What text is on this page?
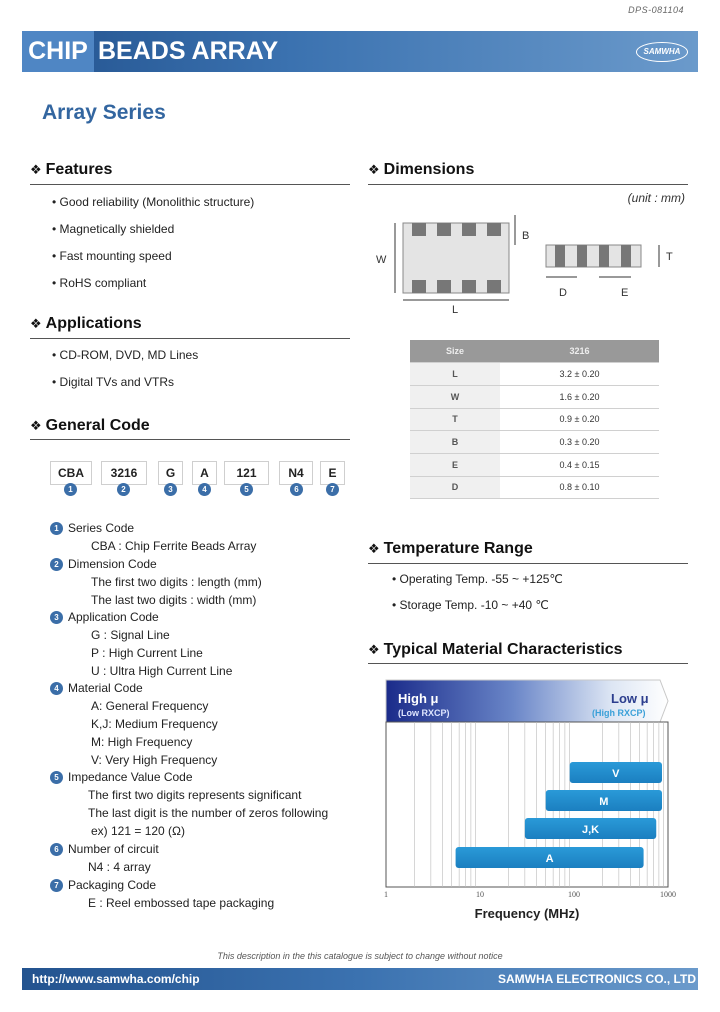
DPS-081104
CHIP BEADS ARRAY	SAMWHA
Array Series
❖ Features
• Good reliability (Monolithic structure)
• Magnetically shielded
• Fast mounting speed
• RoHS compliant
❖ Applications
• CD-ROM, DVD, MD Lines
• Digital TVs and VTRs
❖ General Code
CBA	3216	G	A	121	N4	E
1	2	3	4	5	6	7
1 Series Code
CBA : Chip Ferrite Beads Array
2 Dimension Code
The first two digits : length (mm)
The last two digits : width (mm)
3 Application Code
G : Signal Line
P : High Current Line
U : Ultra High Current Line
4 Material Code
A: General Frequency
K,J: Medium Frequency
M: High Frequency
V: Very High Frequency
5 Impedance Value Code
The first two digits represents significant
The last digit is the number of zeros following
ex) 121 = 120 (Ω)
6 Number of circuit
N4 : 4 array
7 Packaging Code
E : Reel embossed tape packaging
❖ Dimensions
(unit : mm)
W
L
B
T
D	E
Size	3216
L	3.2 ± 0.20
W	1.6 ± 0.20
T	0.9 ± 0.20
B	0.3 ± 0.20
E	0.4 ± 0.15
D	0.8 ± 0.10
❖ Temperature Range
• Operating Temp. -55 ~ +125℃
• Storage Temp. -10 ~ +40 ℃
❖ Typical Material Characteristics
High μ
(Low RXCP)
Low μ
(High RXCP)
V
M
J,K
A
1	10	100	1000
Frequency (MHz)
This description in the this catalogue is subject to change without notice
http://www.samwha.com/chip	SAMWHA ELECTRONICS CO., LTD
